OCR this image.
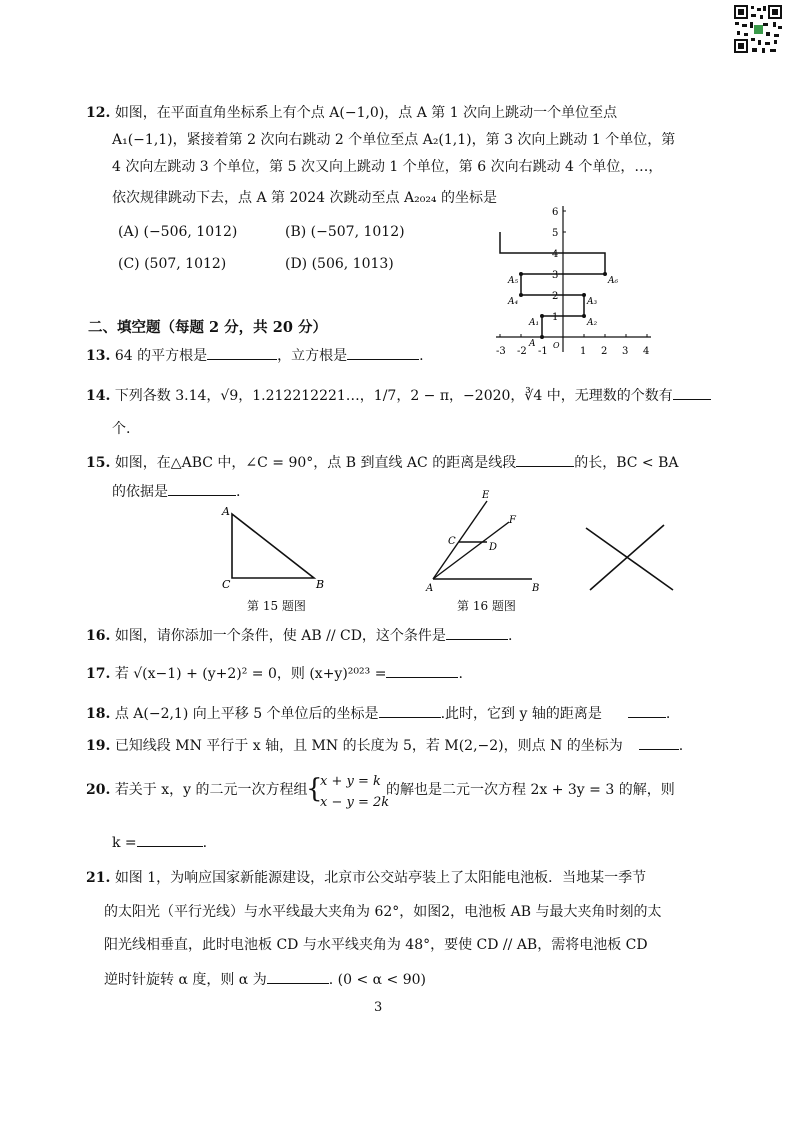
12. 如图，在平面直角坐标系上有个点 A(−1,0)，点 A 第 1 次向上跳动一个单位至点
A₁(−1,1)，紧接着第 2 次向右跳动 2 个单位至点 A₂(1,1)，第 3 次向上跳动 1 个单位，第
4 次向左跳动 3 个单位，第 5 次又向上跳动 1 个单位，第 6 次向右跳动 4 个单位，…，
依次规律跳动下去，点 A 第 2024 次跳动至点 A₂₀₂₄ 的坐标是
(A) (−506, 1012)	(B) (−507, 1012)
(C) (507, 1012)	(D) (506, 1013)
-3 -2 -1	1 2 3 4
1
2
3
4
5
6
O
A
A₁	A₂
A₃
A₄
A₅	A₆
二、填空题（每题 2 分，共 20 分）
13. 64 的平方根是	，立方根是	.
14. 下列各数 3.14，√9，1.212212221…，1/7，2 − π，−2020，∛4 中，无理数的个数有
个.
15. 如图，在△ABC 中，∠C = 90°，点 B 到直线 AC 的距离是线段	的长，BC < BA
的依据是	.
A
C	B
第 15 题图
E
F
C
D
A	B
第 16 题图
16. 如图，请你添加一个条件，使 AB // CD，这个条件是	.
17. 若 √(x−1) + (y+2)² = 0，则 (x+y)²⁰²³ =	.
18. 点 A(−2,1) 向上平移 5 个单位后的坐标是	.此时，它到 y 轴的距离是	.
19. 已知线段 MN 平行于 x 轴，且 MN 的长度为 5，若 M(2,−2)，则点 N 的坐标为	.
20. 若关于 x，y 的二元一次方程组
{
x + y = k
x − y = 2k
的解也是二元一次方程 2x + 3y = 3 的解，则
k =	.
21. 如图 1，为响应国家新能源建设，北京市公交站亭装上了太阳能电池板．当地某一季节
的太阳光（平行光线）与水平线最大夹角为 62°，如图2，电池板 AB 与最大夹角时刻的太
阳光线相垂直，此时电池板 CD 与水平线夹角为 48°，要使 CD // AB，需将电池板 CD
逆时针旋转 α 度，则 α 为	. (0 < α < 90)
3
